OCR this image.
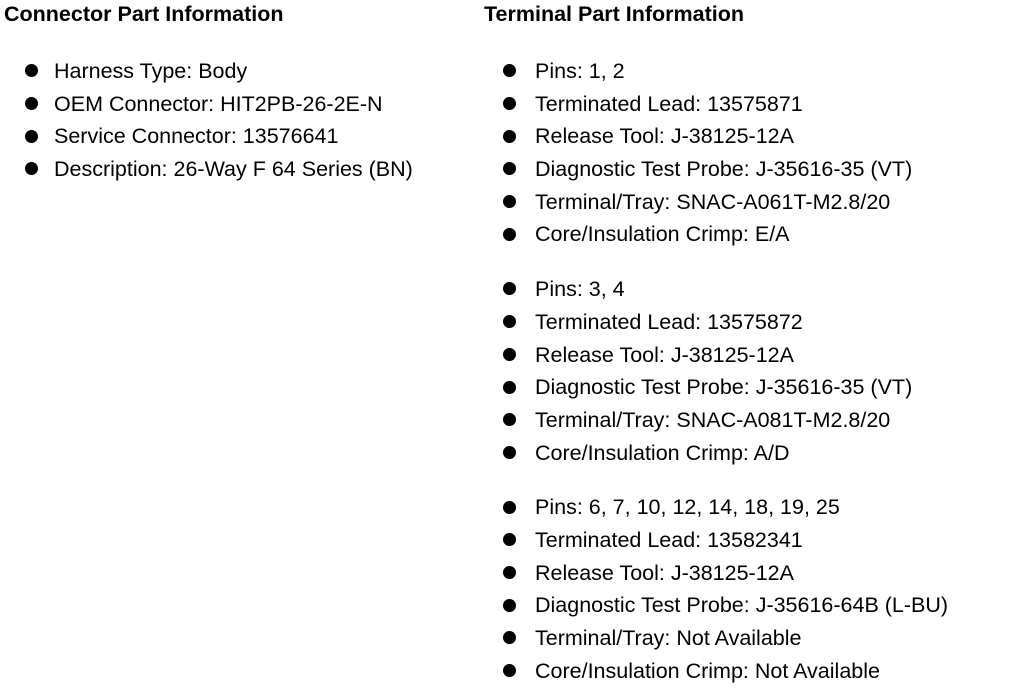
Connector Part Information
Harness Type: Body
OEM Connector: HIT2PB-26-2E-N
Service Connector: 13576641
Description: 26-Way F 64 Series (BN)
Terminal Part Information
Pins: 1, 2
Terminated Lead: 13575871
Release Tool: J-38125-12A
Diagnostic Test Probe: J-35616-35 (VT)
Terminal/Tray: SNAC-A061T-M2.8/20
Core/Insulation Crimp: E/A
Pins: 3, 4
Terminated Lead: 13575872
Release Tool: J-38125-12A
Diagnostic Test Probe: J-35616-35 (VT)
Terminal/Tray: SNAC-A081T-M2.8/20
Core/Insulation Crimp: A/D
Pins: 6, 7, 10, 12, 14, 18, 19, 25
Terminated Lead: 13582341
Release Tool: J-38125-12A
Diagnostic Test Probe: J-35616-64B (L-BU)
Terminal/Tray: Not Available
Core/Insulation Crimp: Not Available
